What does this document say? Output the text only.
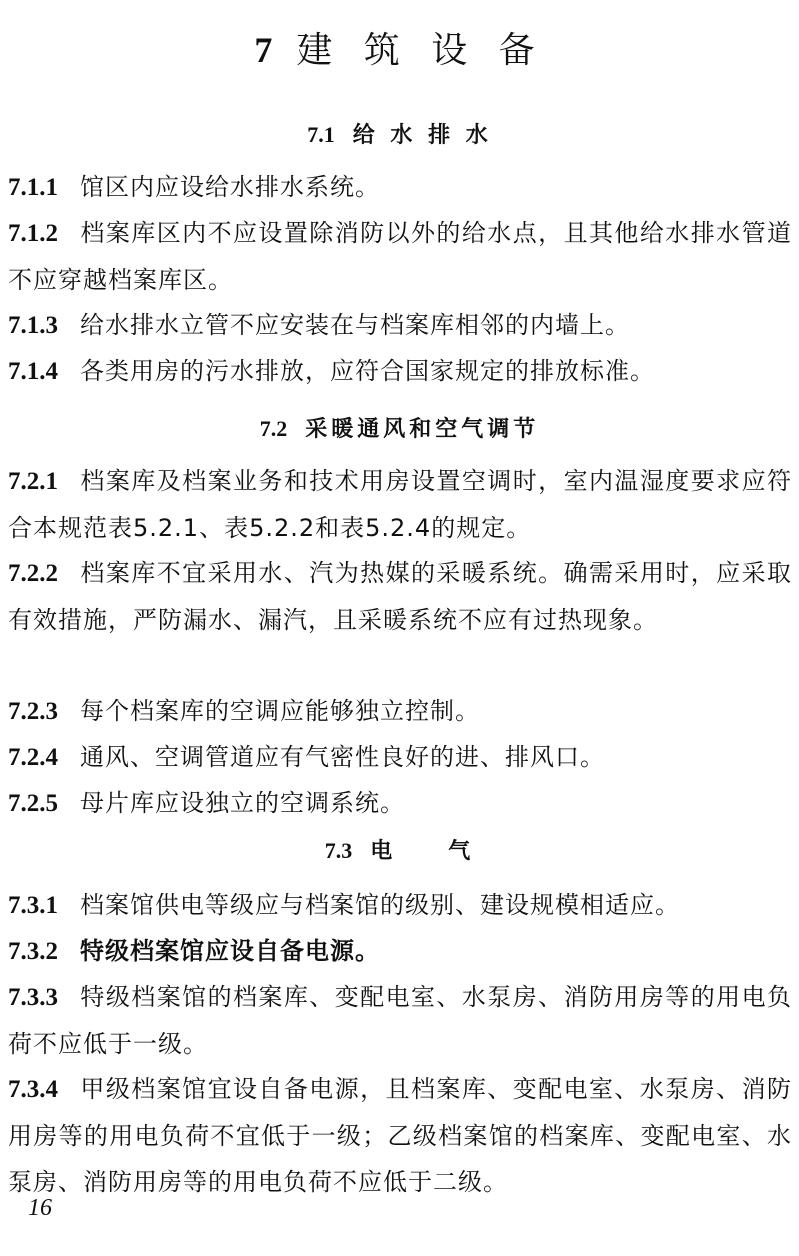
7 建 筑 设 备
7.1 给 水 排 水
7.1.1 馆区内应设给水排水系统。
7.1.2 档案库区内不应设置除消防以外的给水点，且其他给水排水管道不应穿越档案库区。
7.1.3 给水排水立管不应安装在与档案库相邻的内墙上。
7.1.4 各类用房的污水排放，应符合国家规定的排放标准。
7.2 采暖通风和空气调节
7.2.1 档案库及档案业务和技术用房设置空调时，室内温湿度要求应符合本规范表5.2.1、表5.2.2和表5.2.4的规定。
7.2.2 档案库不宜采用水、汽为热媒的采暖系统。确需采用时，应采取有效措施，严防漏水、漏汽，且采暖系统不应有过热现象。
7.2.3 每个档案库的空调应能够独立控制。
7.2.4 通风、空调管道应有气密性良好的进、排风口。
7.2.5 母片库应设独立的空调系统。
7.3 电　　气
7.3.1 档案馆供电等级应与档案馆的级别、建设规模相适应。
7.3.2 特级档案馆应设自备电源。
7.3.3 特级档案馆的档案库、变配电室、水泵房、消防用房等的用电负荷不应低于一级。
7.3.4 甲级档案馆宜设自备电源，且档案库、变配电室、水泵房、消防用房等的用电负荷不宜低于一级；乙级档案馆的档案库、变配电室、水泵房、消防用房等的用电负荷不应低于二级。
16
